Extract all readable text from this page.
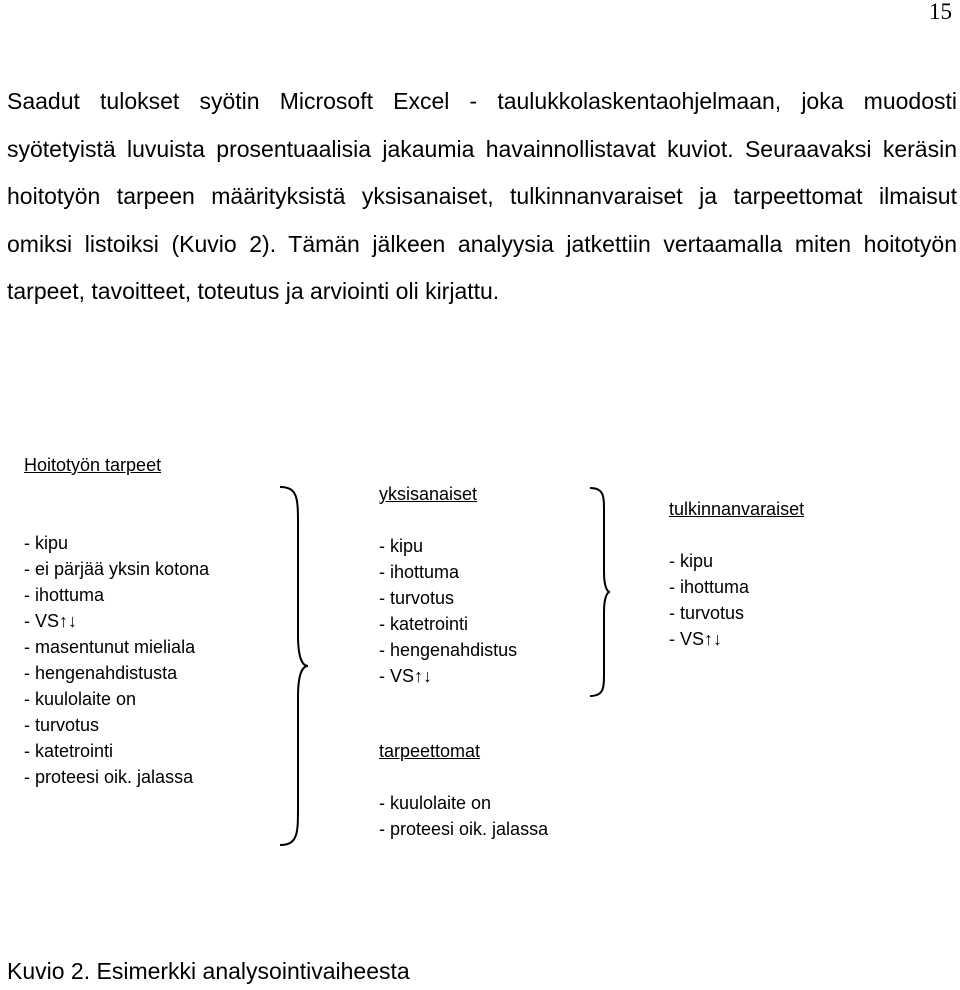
15

Saadut tulokset syötin Microsoft Excel - taulukkolaskentaohjelmaan, joka muodosti syötetyistä luvuista prosentuaalisia jakaumia havainnollistavat kuviot. Seuraavaksi keräsin hoitotyön tarpeen määrityksistä yksisanaiset, tulkinnanvaraiset ja tarpeettomat ilmaisut omiksi listoiksi (Kuvio 2). Tämän jälkeen analyysia jatkettiin vertaamalla miten hoitotyön tarpeet, tavoitteet, toteutus ja arviointi oli kirjattu.

Hoitotyön tarpeet

- kipu
- ei pärjää yksin kotona
- ihottuma
- VS↑↓
- masentunut mieliala
- hengenahdistusta
- kuulolaite on
- turvotus
- katetrointi
- proteesi oik. jalassa

yksisanaiset

- kipu
- ihottuma
- turvotus
- katetrointi
- hengenahdistus
- VS↑↓

tarpeettomat

- kuulolaite on
- proteesi oik. jalassa

tulkinnanvaraiset

- kipu
- ihottuma
- turvotus
- VS↑↓

Kuvio 2. Esimerkki analysointivaiheesta
